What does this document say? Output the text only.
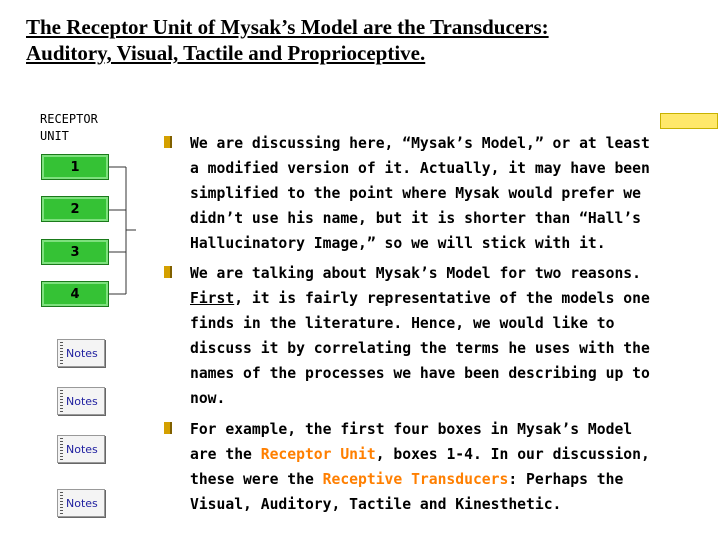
The Receptor Unit of Mysak’s Model are the Transducers:
Auditory, Visual, Tactile and Proprioceptive.
RECEPTOR
UNIT
1
2
3
4
Notes
Notes
Notes
Notes
We are discussing here, “Mysak’s Model,” or at least
a modified version of it. Actually, it may have been
simplified to the point where Mysak would prefer we
didn’t use his name, but it is shorter than “Hall’s
Hallucinatory Image,” so we will stick with it.
We are talking about Mysak’s Model for two reasons.
First, it is fairly representative of the models one
finds in the literature. Hence, we would like to
discuss it by correlating the terms he uses with the
names of the processes we have been describing up to
now.
For example, the first four boxes in Mysak’s Model
are the Receptor Unit, boxes 1-4. In our discussion,
these were the Receptive Transducers: Perhaps the
Visual, Auditory, Tactile and Kinesthetic.
